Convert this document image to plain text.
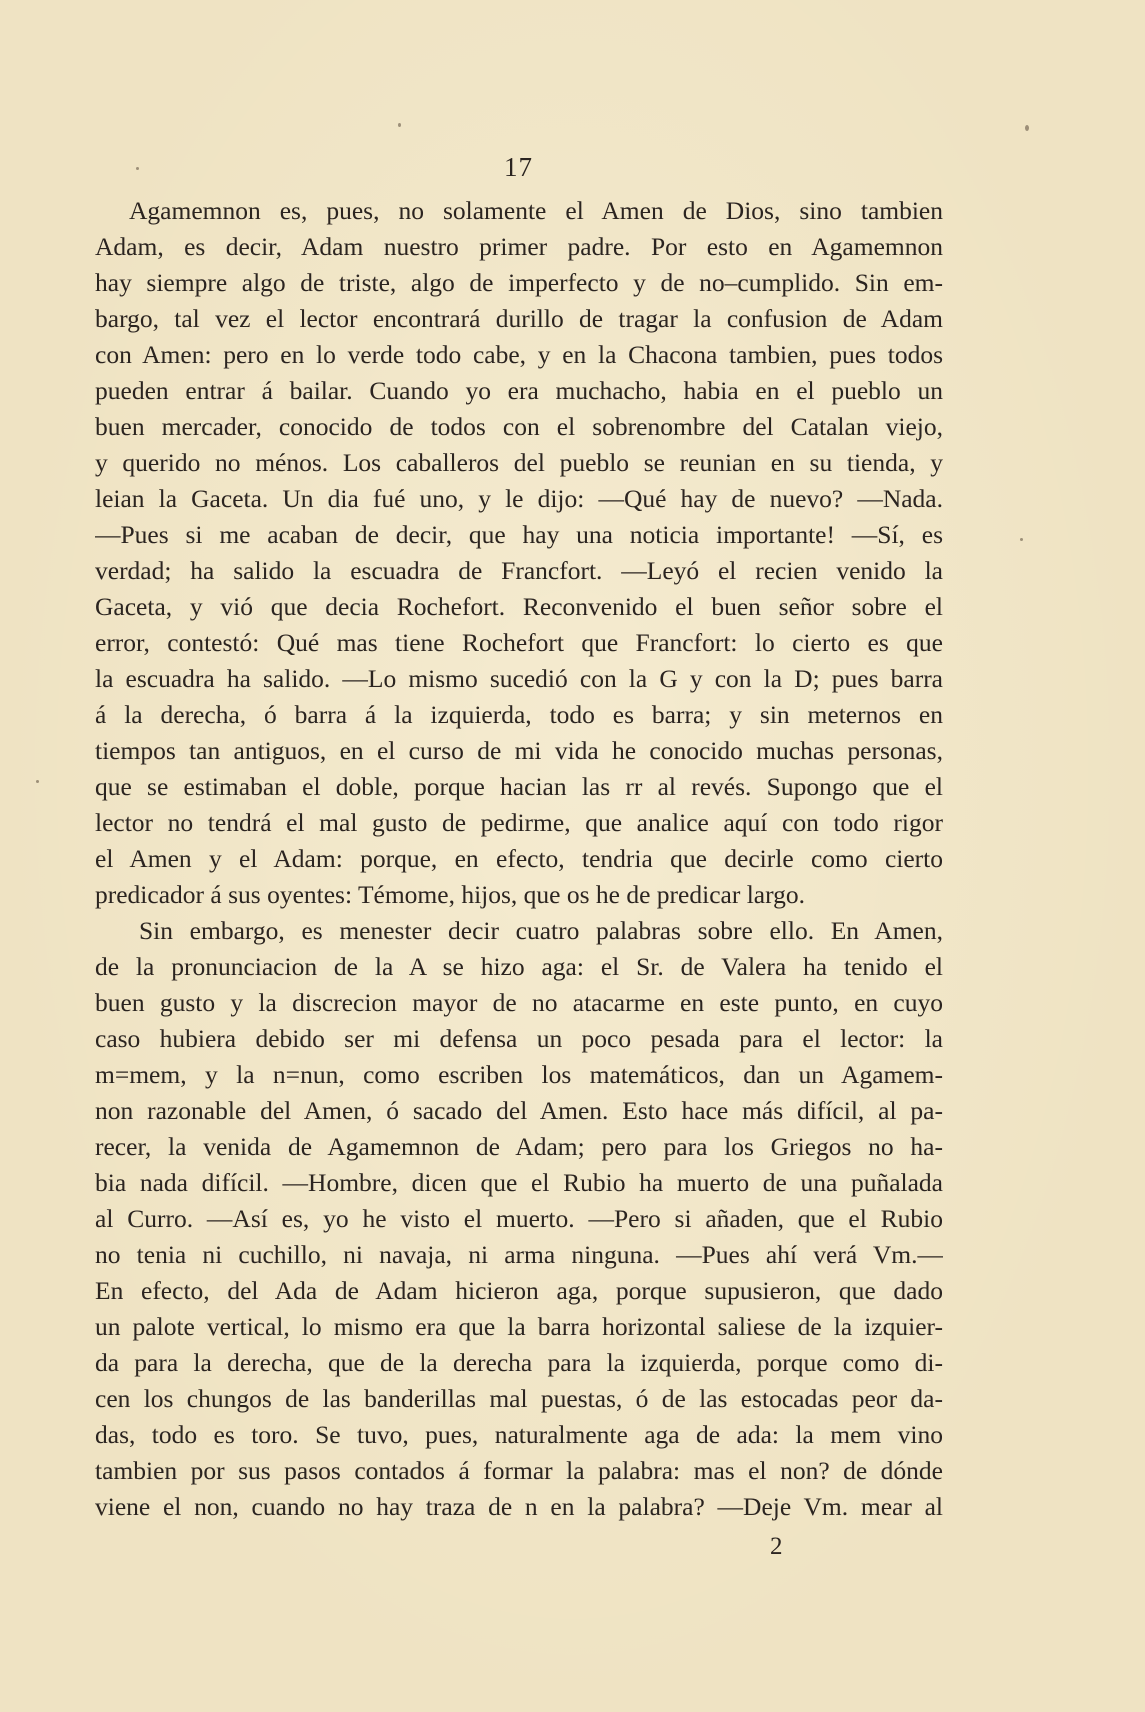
17
Agamemnon es, pues, no solamente el Amen de Dios, sino tambien
Adam, es decir, Adam nuestro primer padre. Por esto en Agamemnon
hay siempre algo de triste, algo de imperfecto y de no–cumplido. Sin em-
bargo, tal vez el lector encontrará durillo de tragar la confusion de Adam
con Amen: pero en lo verde todo cabe, y en la Chacona tambien, pues todos
pueden entrar á bailar. Cuando yo era muchacho, habia en el pueblo un
buen mercader, conocido de todos con el sobrenombre del Catalan viejo,
y querido no ménos. Los caballeros del pueblo se reunian en su tienda, y
leian la Gaceta. Un dia fué uno, y le dijo: —Qué hay de nuevo? —Nada.
—Pues si me acaban de decir, que hay una noticia importante! —Sí, es
verdad; ha salido la escuadra de Francfort. —Leyó el recien venido la
Gaceta, y vió que decia Rochefort. Reconvenido el buen señor sobre el
error, contestó: Qué mas tiene Rochefort que Francfort: lo cierto es que
la escuadra ha salido. —Lo mismo sucedió con la G y con la D; pues barra
á la derecha, ó barra á la izquierda, todo es barra; y sin meternos en
tiempos tan antiguos, en el curso de mi vida he conocido muchas personas,
que se estimaban el doble, porque hacian las rr al revés. Supongo que el
lector no tendrá el mal gusto de pedirme, que analice aquí con todo rigor
el Amen y el Adam: porque, en efecto, tendria que decirle como cierto
predicador á sus oyentes: Témome, hijos, que os he de predicar largo.
Sin embargo, es menester decir cuatro palabras sobre ello. En Amen,
de la pronunciacion de la A se hizo aga: el Sr. de Valera ha tenido el
buen gusto y la discrecion mayor de no atacarme en este punto, en cuyo
caso hubiera debido ser mi defensa un poco pesada para el lector: la
m=mem, y la n=nun, como escriben los matemáticos, dan un Agamem-
non razonable del Amen, ó sacado del Amen. Esto hace más difícil, al pa-
recer, la venida de Agamemnon de Adam; pero para los Griegos no ha-
bia nada difícil. —Hombre, dicen que el Rubio ha muerto de una puñalada
al Curro. —Así es, yo he visto el muerto. —Pero si añaden, que el Rubio
no tenia ni cuchillo, ni navaja, ni arma ninguna. —Pues ahí verá Vm.—
En efecto, del Ada de Adam hicieron aga, porque supusieron, que dado
un palote vertical, lo mismo era que la barra horizontal saliese de la izquier-
da para la derecha, que de la derecha para la izquierda, porque como di-
cen los chungos de las banderillas mal puestas, ó de las estocadas peor da-
das, todo es toro. Se tuvo, pues, naturalmente aga de ada: la mem vino
tambien por sus pasos contados á formar la palabra: mas el non? de dónde
viene el non, cuando no hay traza de n en la palabra? —Deje Vm. mear al
2
